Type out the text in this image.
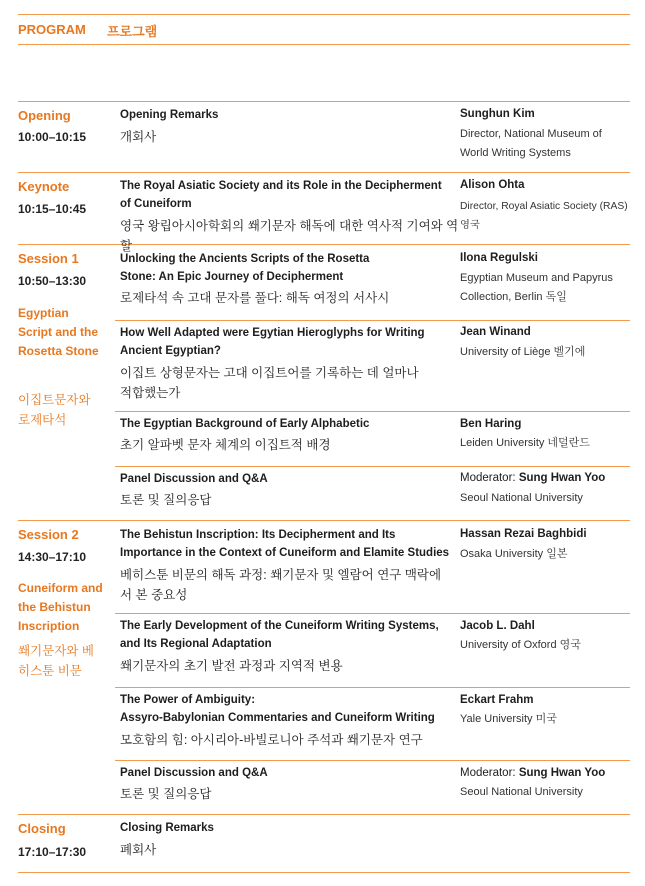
PROGRAM 프로그램
Opening
10:00–10:15
Opening Remarks
개회사
Sunghun Kim
Director, National Museum of World Writing Systems
Keynote
10:15–10:45
The Royal Asiatic Society and its Role in the Decipherment of Cuneiform
영국 왕립아시아학회의 쐐기문자 해독에 대한 역사적 기여와 역할
Alison Ohta
Director, Royal Asiatic Society (RAS) 영국
Session 1
10:50–13:30
Egyptian Script and the Rosetta Stone
이집트문자와 로제타석
Unlocking the Ancients Scripts of the Rosetta Stone: An Epic Journey of Decipherment
로제타석 속 고대 문자를 풀다: 해독 여정의 서사시
Ilona Regulski
Egyptian Museum and Papyrus Collection, Berlin 독일
How Well Adapted were Egytian Hieroglyphs for Writing Ancient Egyptian?
이집트 상형문자는 고대 이집트어를 기록하는 데 얼마나 적합했는가
Jean Winand
University of Liège 벨기에
The Egyptian Background of Early Alphabetic
초기 알파벳 문자 체계의 이집트적 배경
Ben Haring
Leiden University 네덜란드
Panel Discussion and Q&A
토론 및 질의응답
Moderator: Sung Hwan Yoo
Seoul National University
Session 2
14:30–17:10
Cuneiform and the Behistun Inscription
쐐기문자와 베히스툰 비문
The Behistun Inscription: Its Decipherment and Its Importance in the Context of Cuneiform and Elamite Studies
베히스툰 비문의 해독 과정: 쐐기문자 및 엘람어 연구 맥락에서 본 중요성
Hassan Rezai Baghbidi
Osaka University 일본
The Early Development of the Cuneiform Writing Systems, and Its Regional Adaptation
쐐기문자의 초기 발전 과정과 지역적 변용
Jacob L. Dahl
University of Oxford 영국
The Power of Ambiguity:
Assyro-Babylonian Commentaries and Cuneiform Writing
모호함의 힘: 아시리아-바빌로니아 주석과 쐐기문자 연구
Eckart Frahm
Yale University 미국
Panel Discussion and Q&A
토론 및 질의응답
Moderator: Sung Hwan Yoo
Seoul National University
Closing
17:10–17:30
Closing Remarks
폐회사
